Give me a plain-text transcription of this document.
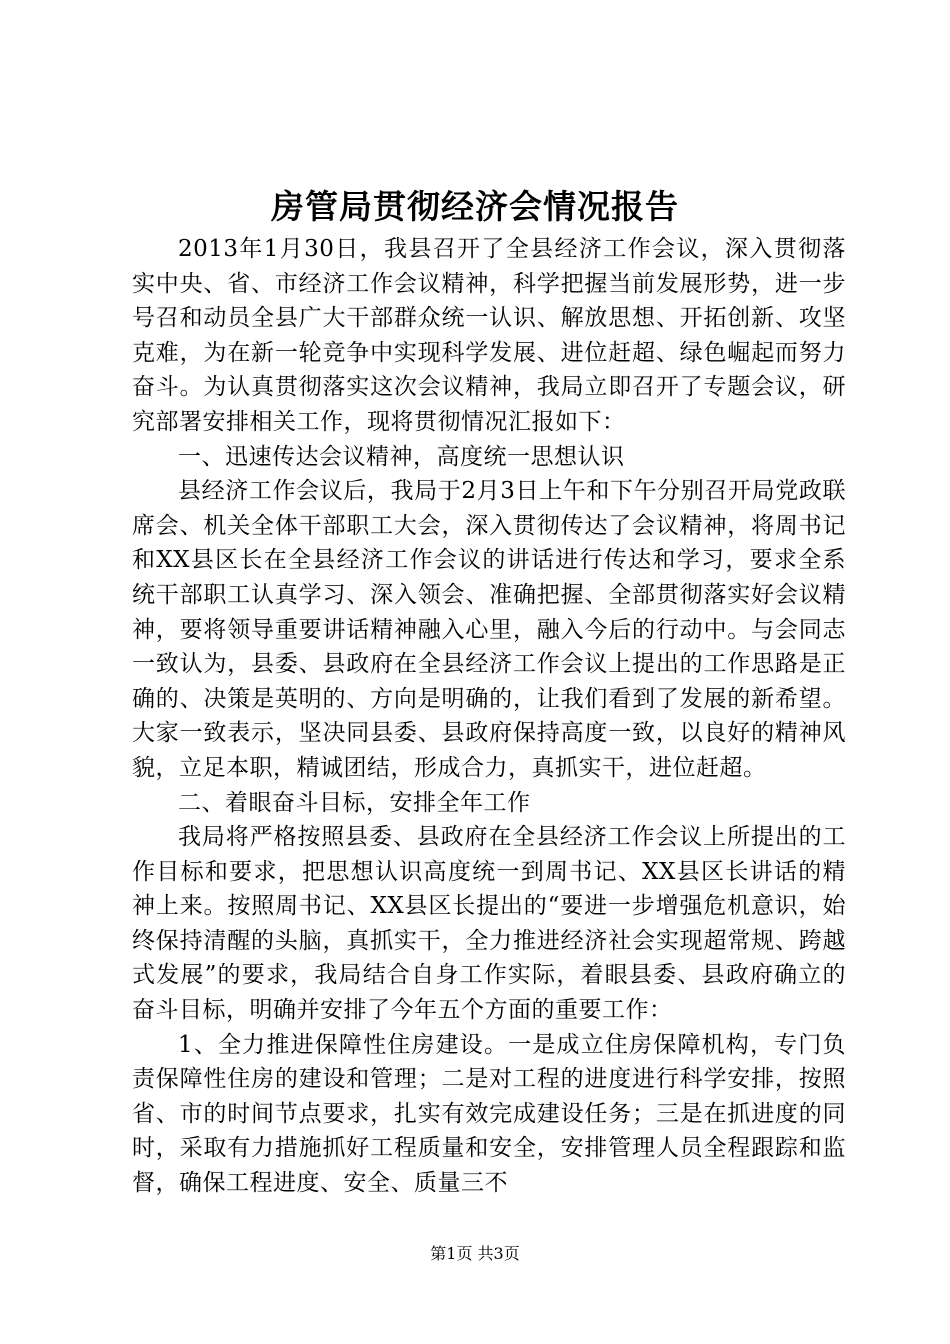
房管局贯彻经济会情况报告

2013年1月30日，我县召开了全县经济工作会议，深入贯彻落实中央、省、市经济工作会议精神，科学把握当前发展形势，进一步号召和动员全县广大干部群众统一认识、解放思想、开拓创新、攻坚克难，为在新一轮竞争中实现科学发展、进位赶超、绿色崛起而努力奋斗。为认真贯彻落实这次会议精神，我局立即召开了专题会议，研究部署安排相关工作，现将贯彻情况汇报如下：

一、迅速传达会议精神，高度统一思想认识

县经济工作会议后，我局于2月3日上午和下午分别召开局党政联席会、机关全体干部职工大会，深入贯彻传达了会议精神，将周书记和XX县区长在全县经济工作会议的讲话进行传达和学习，要求全系统干部职工认真学习、深入领会、准确把握、全部贯彻落实好会议精神，要将领导重要讲话精神融入心里，融入今后的行动中。与会同志一致认为，县委、县政府在全县经济工作会议上提出的工作思路是正确的、决策是英明的、方向是明确的，让我们看到了发展的新希望。大家一致表示，坚决同县委、县政府保持高度一致，以良好的精神风貌，立足本职，精诚团结，形成合力，真抓实干，进位赶超。

二、着眼奋斗目标，安排全年工作

我局将严格按照县委、县政府在全县经济工作会议上所提出的工作目标和要求，把思想认识高度统一到周书记、XX县区长讲话的精神上来。按照周书记、XX县区长提出的“要进一步增强危机意识，始终保持清醒的头脑，真抓实干，全力推进经济社会实现超常规、跨越式发展”的要求，我局结合自身工作实际，着眼县委、县政府确立的奋斗目标，明确并安排了今年五个方面的重要工作：

1、全力推进保障性住房建设。一是成立住房保障机构，专门负责保障性住房的建设和管理；二是对工程的进度进行科学安排，按照省、市的时间节点要求，扎实有效完成建设任务；三是在抓进度的同时，采取有力措施抓好工程质量和安全，安排管理人员全程跟踪和监督，确保工程进度、安全、质量三不

第1页 共3页
